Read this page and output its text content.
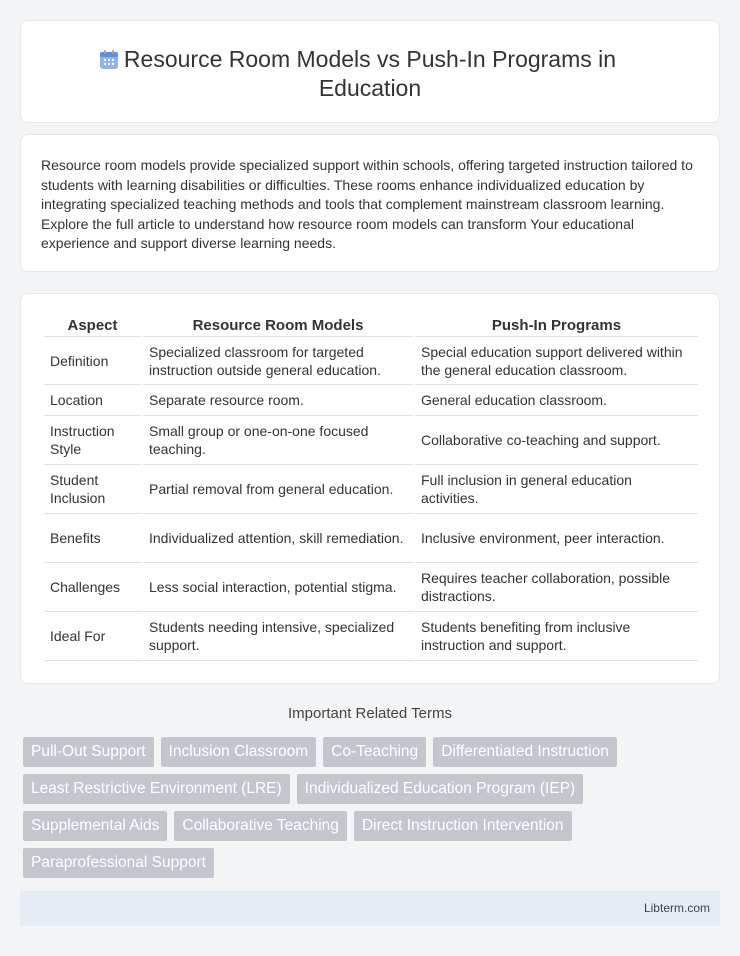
Resource Room Models vs Push-In Programs in Education

Resource room models provide specialized support within schools, offering targeted instruction tailored to students with learning disabilities or difficulties. These rooms enhance individualized education by integrating specialized teaching methods and tools that complement mainstream classroom learning. Explore the full article to understand how resource room models can transform Your educational experience and support diverse learning needs.

Aspect	Resource Room Models	Push-In Programs
Definition	Specialized classroom for targeted instruction outside general education.	Special education support delivered within the general education classroom.
Location	Separate resource room.	General education classroom.
Instruction Style	Small group or one-on-one focused teaching.	Collaborative co-teaching and support.
Student Inclusion	Partial removal from general education.	Full inclusion in general education activities.
Benefits	Individualized attention, skill remediation.	Inclusive environment, peer interaction.
Challenges	Less social interaction, potential stigma.	Requires teacher collaboration, possible distractions.
Ideal For	Students needing intensive, specialized support.	Students benefiting from inclusive instruction and support.
Important Related Terms
Pull-Out Support	Inclusion Classroom	Co-Teaching	Differentiated Instruction
Least Restrictive Environment (LRE)	Individualized Education Program (IEP)
Supplemental Aids	Collaborative Teaching	Direct Instruction Intervention
Paraprofessional Support
Libterm.com
